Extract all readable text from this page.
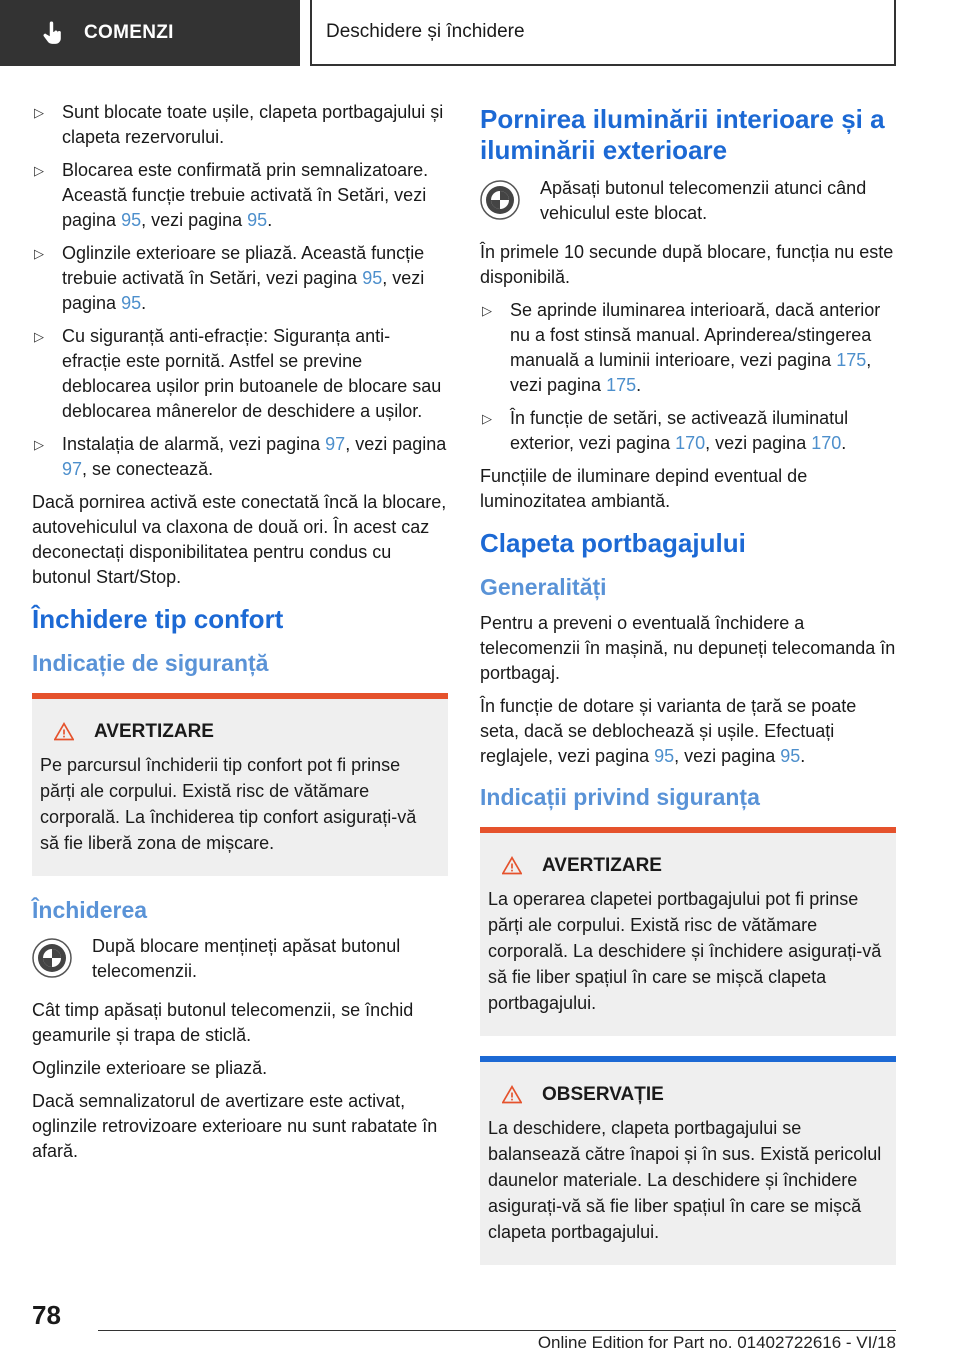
COMENZI	Deschidere și închidere
▷ Sunt blocate toate ușile, clapeta portbagajului și clapeta rezervorului.
▷ Blocarea este confirmată prin semnalizatoare. Această funcție trebuie activată în Setări, vezi pagina 95, vezi pagina 95.
▷ Oglinzile exterioare se pliază. Această funcție trebuie activată în Setări, vezi pagina 95, vezi pagina 95.
▷ Cu siguranță anti-efracție: Siguranța anti-efracție este pornită. Astfel se previne deblocarea ușilor prin butoanele de blocare sau deblocarea mânerelor de deschidere a ușilor.
▷ Instalația de alarmă, vezi pagina 97, vezi pagina 97, se conectează.

Dacă pornirea activă este conectată încă la blocare, autovehiculul va claxona de două ori. În acest caz deconectați disponibilitatea pentru condus cu butonul Start/Stop.

Închidere tip confort
Indicație de siguranță
AVERTIZARE
Pe parcursul închiderii tip confort pot fi prinse părți ale corpului. Există risc de vătămare corporală. La închiderea tip confort asigurați-vă să fie liberă zona de mișcare.
Închiderea
După blocare mențineți apăsat butonul telecomenzii.

Cât timp apăsați butonul telecomenzii, se închid geamurile și trapa de sticlă.

Oglinzile exterioare se pliază.

Dacă semnalizatorul de avertizare este activat, oglinzile retrovizoare exterioare nu sunt rabatate în afară.

Pornirea iluminării interioare și a iluminării exterioare
Apăsați butonul telecomenzii atunci când vehiculul este blocat.

În primele 10 secunde după blocare, funcția nu este disponibilă.

▷ Se aprinde iluminarea interioară, dacă anterior nu a fost stinsă manual. Aprinderea/stingerea manuală a luminii interioare, vezi pagina 175, vezi pagina 175.
▷ În funcție de setări, se activează iluminatul exterior, vezi pagina 170, vezi pagina 170.

Funcțiile de iluminare depind eventual de luminozitatea ambiantă.

Clapeta portbagajului
Generalități

Pentru a preveni o eventuală închidere a telecomenzii în mașină, nu depuneți telecomanda în portbagaj.

În funcție de dotare și varianta de țară se poate seta, dacă se deblochează și ușile. Efectuați reglajele, vezi pagina 95, vezi pagina 95.

Indicații privind siguranța
AVERTIZARE
La operarea clapetei portbagajului pot fi prinse părți ale corpului. Există risc de vătămare corporală. La deschidere și închidere asigurați-vă să fie liber spațiul în care se mișcă clapeta portbagajului.
OBSERVAȚIE
La deschidere, clapeta portbagajului se balansează către înapoi și în sus. Există pericolul daunelor materiale. La deschidere și închidere asigurați-vă să fie liber spațiul în care se mișcă clapeta portbagajului.
78
Online Edition for Part no. 01402722616 - VI/18
